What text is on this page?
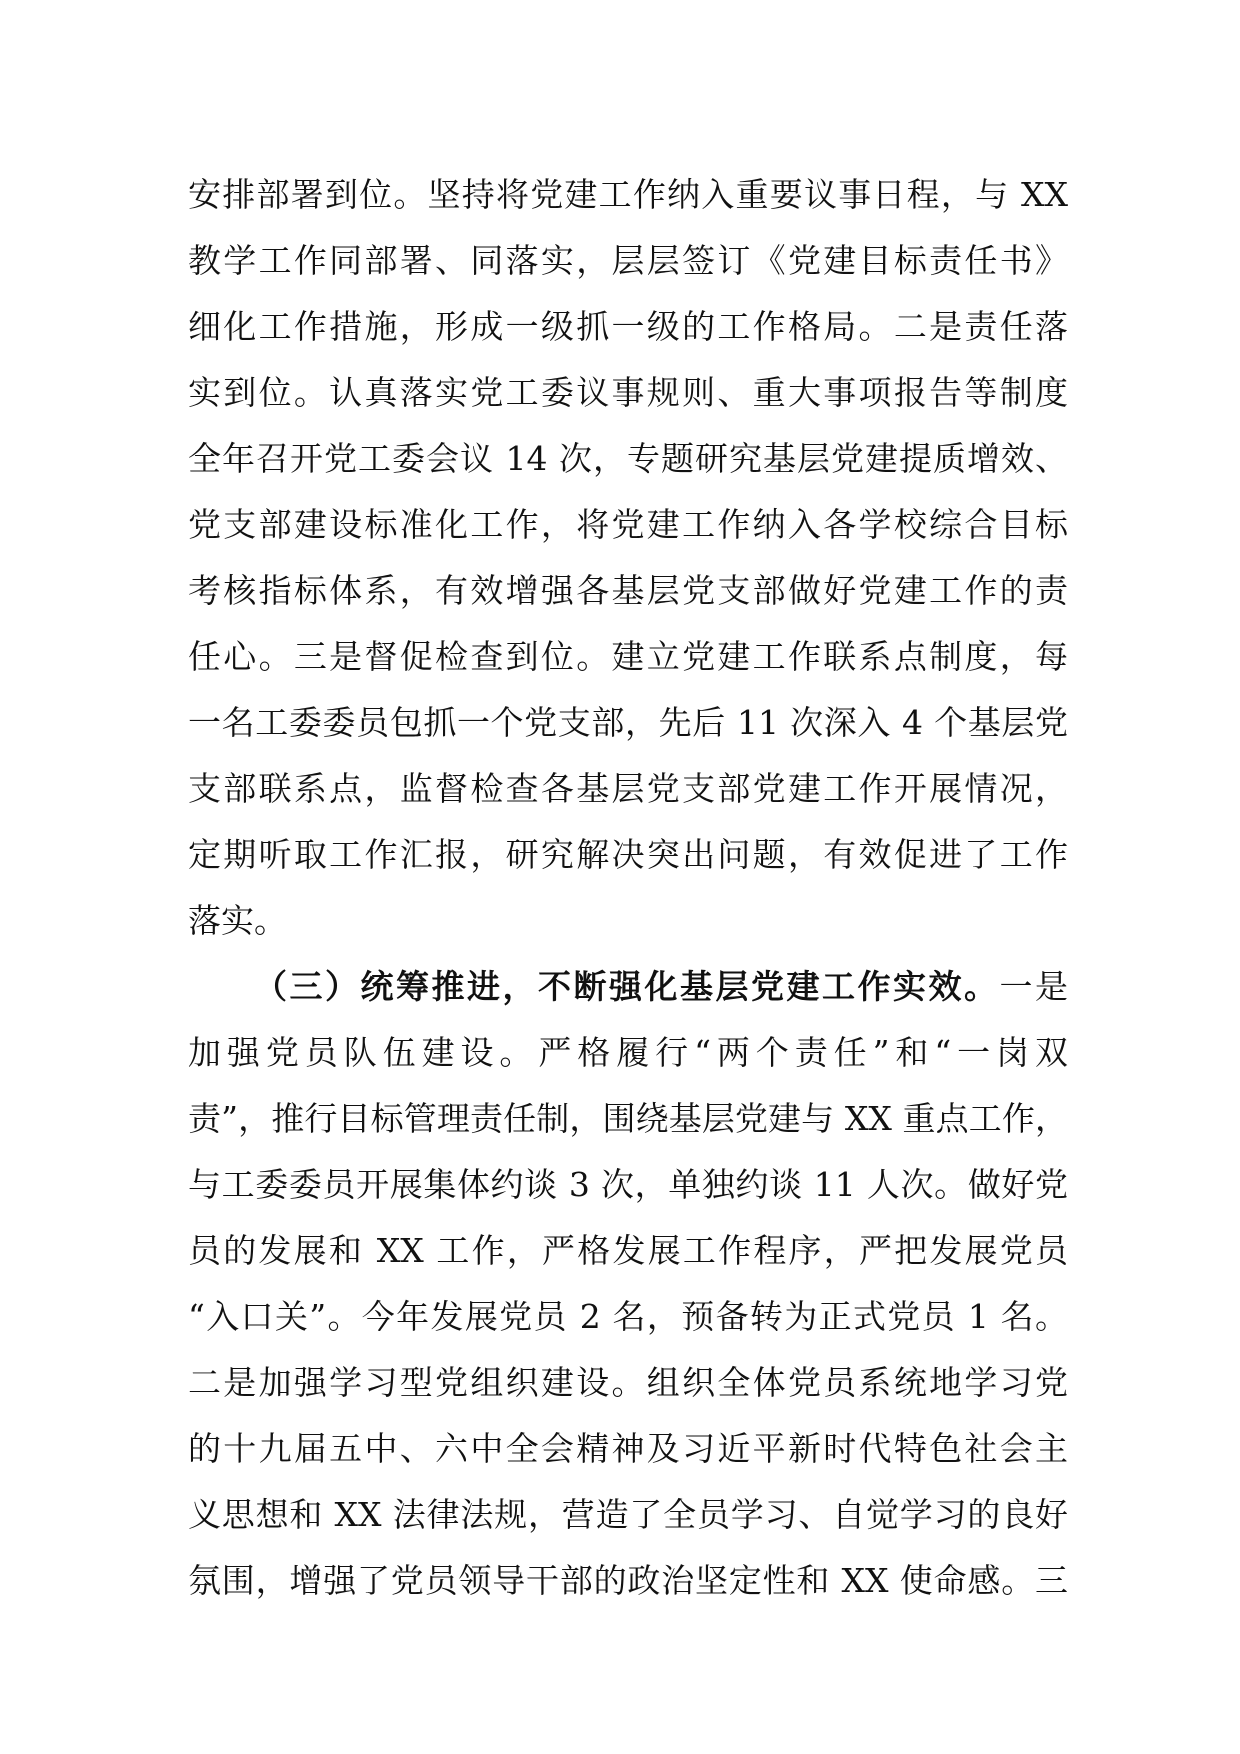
安排部署到位。坚持将党建工作纳入重要议事日程，与 XX
教学工作同部署、同落实，层层签订《党建目标责任书》
细化工作措施，形成一级抓一级的工作格局。二是责任落
实到位。认真落实党工委议事规则、重大事项报告等制度
全年召开党工委会议 14 次，专题研究基层党建提质增效、
党支部建设标准化工作，将党建工作纳入各学校综合目标
考核指标体系，有效增强各基层党支部做好党建工作的责
任心。三是督促检查到位。建立党建工作联系点制度，每
一名工委委员包抓一个党支部，先后 11 次深入 4 个基层党
支部联系点，监督检查各基层党支部党建工作开展情况，
定期听取工作汇报，研究解决突出问题，有效促进了工作
落实。
（三）统筹推进，不断强化基层党建工作实效。一是
加强党员队伍建设。严格履行“两个责任”和“一岗双
责”，推行目标管理责任制，围绕基层党建与 XX 重点工作，
与工委委员开展集体约谈 3 次，单独约谈 11 人次。做好党
员的发展和 XX 工作，严格发展工作程序，严把发展党员
“入口关”。今年发展党员 2 名，预备转为正式党员 1 名。
二是加强学习型党组织建设。组织全体党员系统地学习党
的十九届五中、六中全会精神及习近平新时代特色社会主
义思想和 XX 法律法规，营造了全员学习、自觉学习的良好
氛围，增强了党员领导干部的政治坚定性和 XX 使命感。三
